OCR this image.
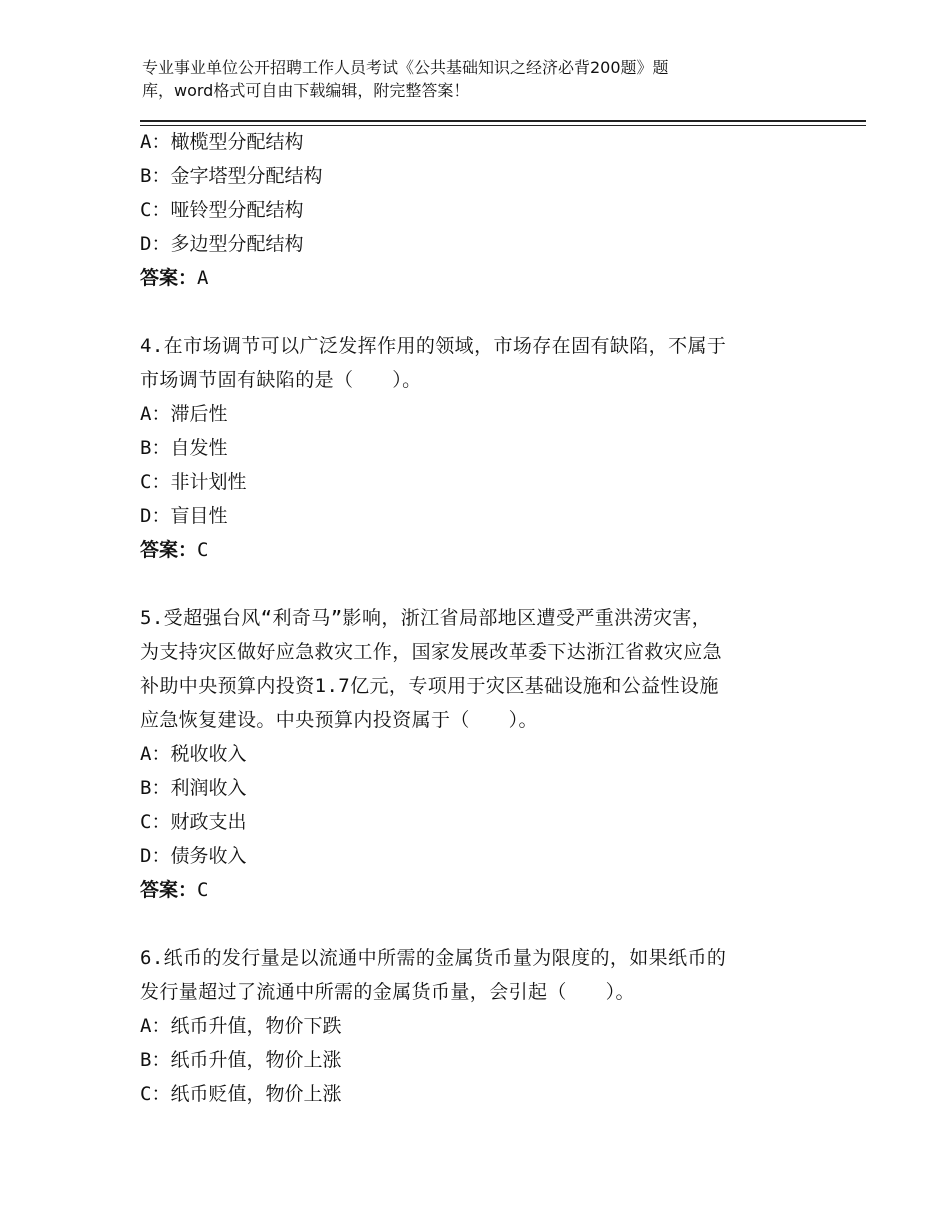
专业事业单位公开招聘工作人员考试《公共基础知识之经济必背200题》题
库，word格式可自由下载编辑，附完整答案！
A：橄榄型分配结构
B：金字塔型分配结构
C：哑铃型分配结构
D：多边型分配结构
答案：A
4.在市场调节可以广泛发挥作用的领域，市场存在固有缺陷，不属于
市场调节固有缺陷的是（　　）。
A：滞后性
B：自发性
C：非计划性
D：盲目性
答案：C
5.受超强台风“利奇马”影响，浙江省局部地区遭受严重洪涝灾害，
为支持灾区做好应急救灾工作，国家发展改革委下达浙江省救灾应急
补助中央预算内投资1.7亿元，专项用于灾区基础设施和公益性设施
应急恢复建设。中央预算内投资属于（　　）。
A：税收收入
B：利润收入
C：财政支出
D：债务收入
答案：C
6.纸币的发行量是以流通中所需的金属货币量为限度的，如果纸币的
发行量超过了流通中所需的金属货币量，会引起（　　）。
A：纸币升值，物价下跌
B：纸币升值，物价上涨
C：纸币贬值，物价上涨
